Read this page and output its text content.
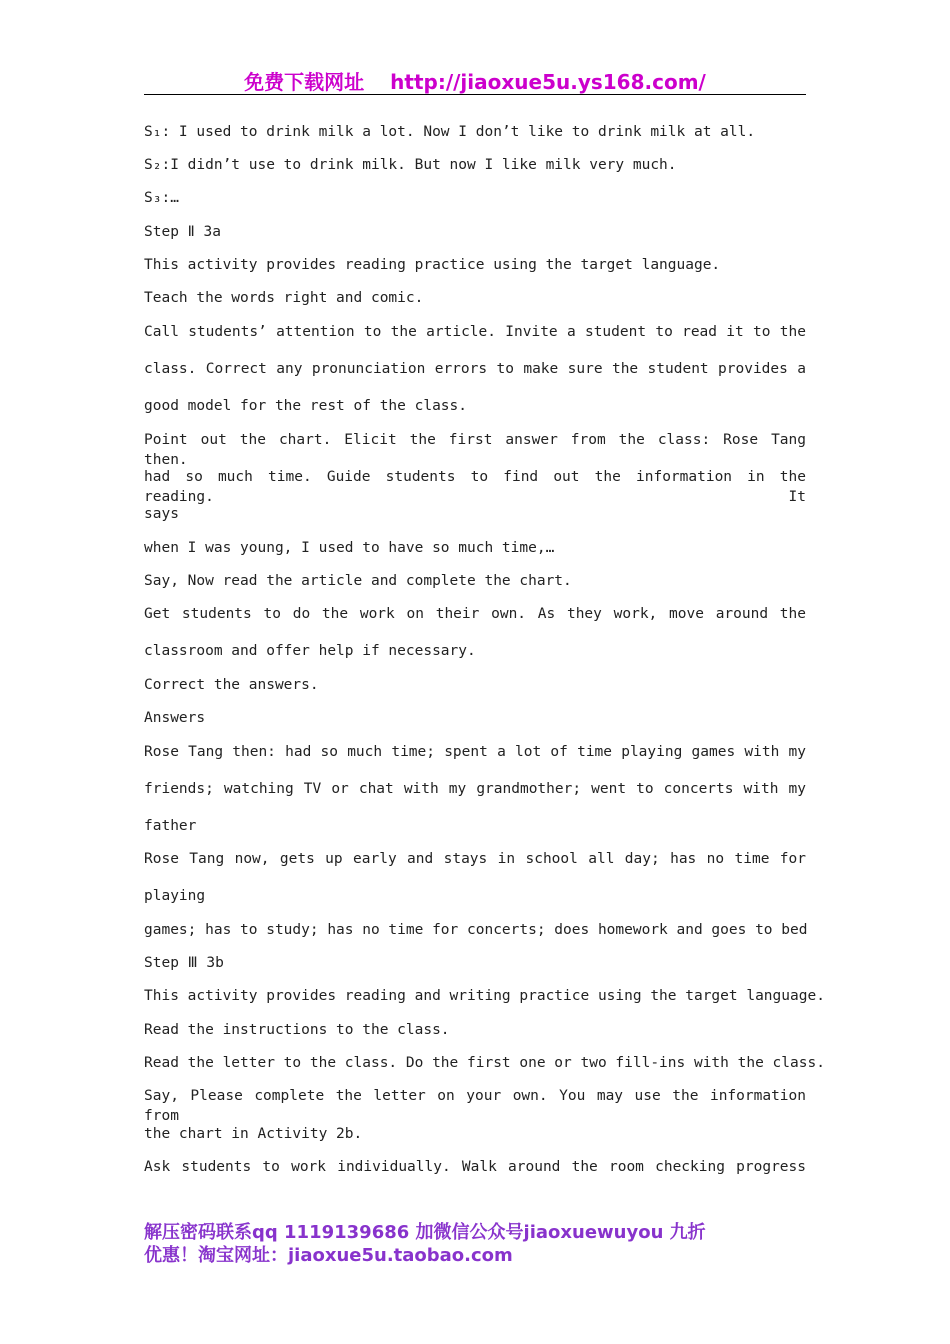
免费下载网址 http://jiaoxue5u.ys168.com/
S₁: I used to drink milk a lot. Now I don’t like to drink milk at all.
S₂:I didn’t use to drink milk. But now I like milk very much.
S₃:…
Step Ⅱ 3a
This activity provides reading practice using the target language.
Teach the words right and comic.
Call students’ attention to the article. Invite a student to read it to the
class. Correct any pronunciation errors to make sure the student provides a
good model for the rest of the class.
Point out the chart. Elicit the first answer from the class: Rose Tang then.
had so much time. Guide students to find out the information in the reading. It
says
when I was young, I used to have so much time,…
Say, Now read the article and complete the chart.
Get students to do the work on their own. As they work, move around the
classroom and offer help if necessary.
Correct the answers.
Answers
Rose Tang then: had so much time; spent a lot of time playing games with my
friends; watching TV or chat with my grandmother; went to concerts with my
father
Rose Tang now, gets up early and stays in school all day; has no time for
playing
games; has to study; has no time for concerts; does homework and goes to bed
Step Ⅲ 3b
This activity provides reading and writing practice using the target language.
Read the instructions to the class.
Read the letter to the class. Do the first one or two fill-ins with the class.
Say, Please complete the letter on your own. You may use the information from
the chart in Activity 2b.
Ask students to work individually. Walk around the room checking progress
解压密码联系qq 1119139686 加微信公众号jiaoxuewuyou 九折
优惠！淘宝网址：jiaoxue5u.taobao.com
